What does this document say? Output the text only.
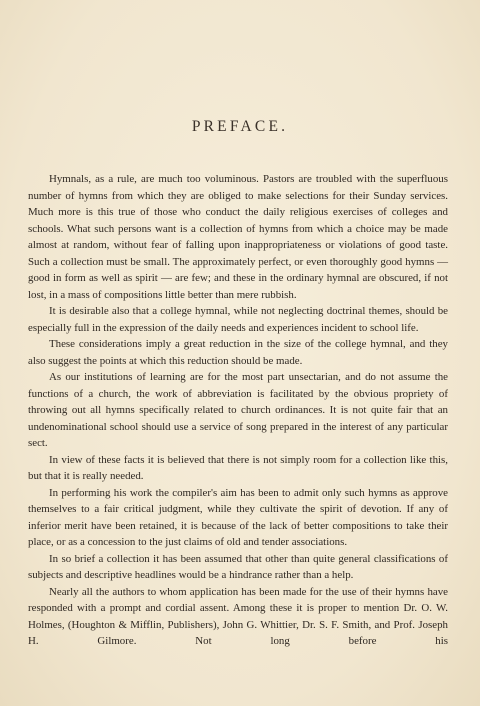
PREFACE.

Hymnals, as a rule, are much too voluminous. Pastors are troubled with the superfluous number of hymns from which they are obliged to make selections for their Sunday services. Much more is this true of those who conduct the daily religious exercises of colleges and schools. What such persons want is a collection of hymns from which a choice may be made almost at random, without fear of falling upon inappropriateness or violations of good taste. Such a collection must be small. The approximately perfect, or even thoroughly good hymns — good in form as well as spirit — are few; and these in the ordinary hymnal are obscured, if not lost, in a mass of compositions little better than mere rubbish.

It is desirable also that a college hymnal, while not neglecting doctrinal themes, should be especially full in the expression of the daily needs and experiences incident to school life.

These considerations imply a great reduction in the size of the college hymnal, and they also suggest the points at which this reduction should be made.

As our institutions of learning are for the most part unsectarian, and do not assume the functions of a church, the work of abbreviation is facilitated by the obvious propriety of throwing out all hymns specifically related to church ordinances. It is not quite fair that an undenominational school should use a service of song prepared in the interest of any particular sect.

In view of these facts it is believed that there is not simply room for a collection like this, but that it is really needed.

In performing his work the compiler's aim has been to admit only such hymns as approve themselves to a fair critical judgment, while they cultivate the spirit of devotion. If any of inferior merit have been retained, it is because of the lack of better compositions to take their place, or as a concession to the just claims of old and tender associations.

In so brief a collection it has been assumed that other than quite general classifications of subjects and descriptive headlines would be a hindrance rather than a help.

Nearly all the authors to whom application has been made for the use of their hymns have responded with a prompt and cordial assent. Among these it is proper to mention Dr. O. W. Holmes, (Houghton & Mifflin, Publishers), John G. Whittier, Dr. S. F. Smith, and Prof. Joseph H. Gilmore. Not long before his
